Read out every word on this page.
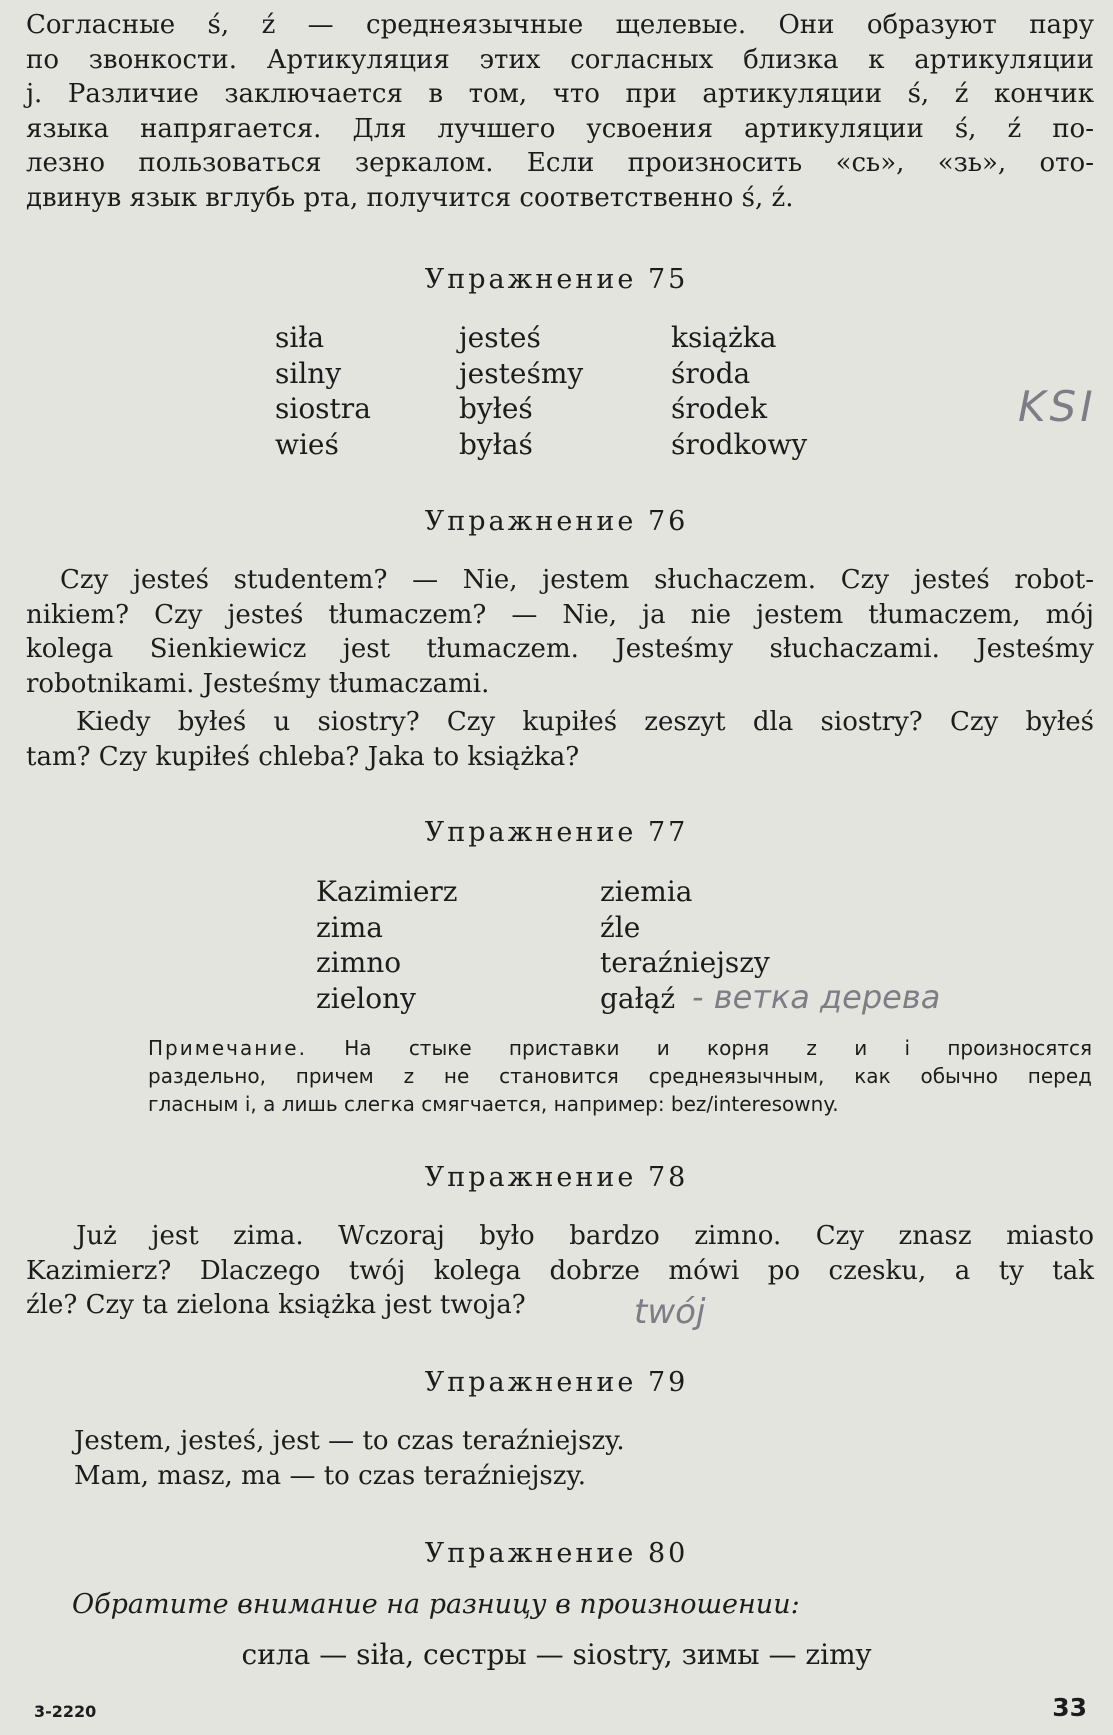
Согласные ś, ź — среднеязычные щелевые. Они образуют пару
по звонкости. Артикуляция этих согласных близка к артикуляции
j. Различие заключается в том, что при артикуляции ś, ź кончик
языка напрягается. Для лучшего усвоения артикуляции ś, ź по-
лезно пользоваться зеркалом. Если произносить «сь», «зь», ото-
двинув язык вглубь рта, получится соответственно ś, ź.
Упражнение 75
siła
silny
siostra
wieś
jesteś
jesteśmy
byłeś
byłaś
książka
środa
środek
środkowy
Упражнение 76
Czy jesteś studentem? — Nie, jestem słuchaczem. Czy jesteś robot-
nikiem? Czy jesteś tłumaczem? — Nie, ja nie jestem tłumaczem, mój
kolega Sienkiewicz jest tłumaczem. Jesteśmy słuchaczami. Jesteśmy
robotnikami. Jesteśmy tłumaczami.
Kiedy byłeś u siostry? Czy kupiłeś zeszyt dla siostry? Czy byłeś
tam? Czy kupiłeś chleba? Jaka to książka?
Упражнение 77
Kazimierz
zima
zimno
zielony
ziemia
źle
teraźniejszy
gałąź
Примечание. На стыке приставки и корня z и i произносятся
раздельно, причем z не становится среднеязычным, как обычно перед
гласным i, а лишь слегка смягчается, например: bez/interesowny.
Упражнение 78
Już jest zima. Wczoraj było bardzo zimno. Czy znasz miasto
Kazimierz? Dlaczego twój kolega dobrze mówi po czesku, a ty tak
źle? Czy ta zielona książka jest twoja?
Упражнение 79
Jestem, jesteś, jest — to czas teraźniejszy.
Mam, masz, ma — to czas teraźniejszy.
Упражнение 80
Обратите внимание на разницу в произношении:
сила — siła, сестры — siostry, зимы — zimy
KSI
- ветка дерева
twój
3-2220	33
